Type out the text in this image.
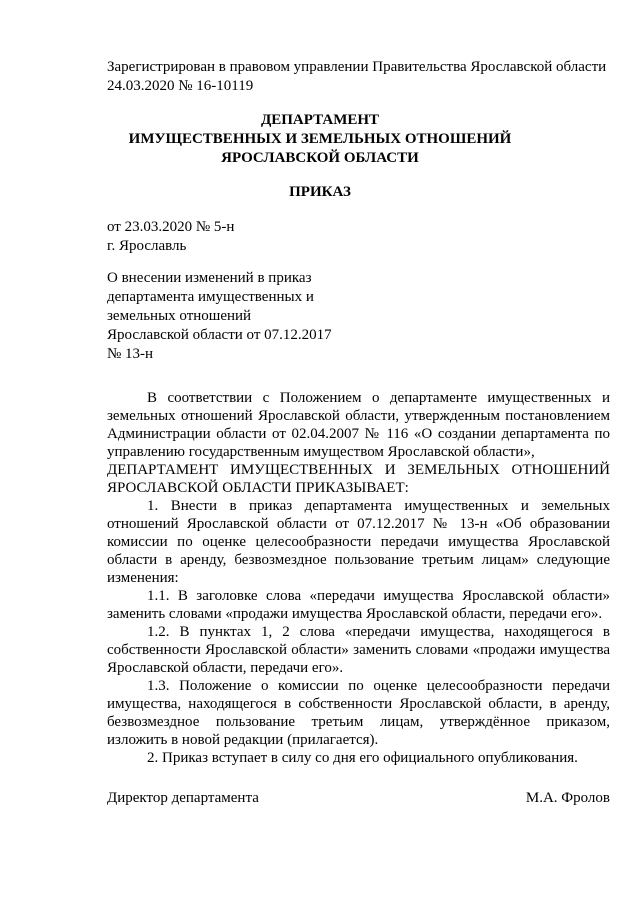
Зарегистрирован в правовом управлении Правительства Ярославской области
24.03.2020 № 16-10119
ДЕПАРТАМЕНТ
ИМУЩЕСТВЕННЫХ И ЗЕМЕЛЬНЫХ ОТНОШЕНИЙ
ЯРОСЛАВСКОЙ ОБЛАСТИ
ПРИКАЗ
от 23.03.2020 № 5-н
г. Ярославль
О внесении изменений в приказ
департамента имущественных и
земельных отношений
Ярославской области от 07.12.2017
№ 13-н

В соответствии с Положением о департаменте имущественных и земельных отношений Ярославской области, утвержденным постановлением Администрации области от 02.04.2007 № 116 «О создании департамента по управлению государственным имуществом Ярославской области»,

ДЕПАРТАМЕНТ ИМУЩЕСТВЕННЫХ И ЗЕМЕЛЬНЫХ ОТНОШЕНИЙ ЯРОСЛАВСКОЙ ОБЛАСТИ ПРИКАЗЫВАЕТ:

1. Внести в приказ департамента имущественных и земельных отношений Ярославской области от 07.12.2017 № 13-н «Об образовании комиссии по оценке целесообразности передачи имущества Ярославской области в аренду, безвозмездное пользование третьим лицам» следующие изменения:

1.1. В заголовке слова «передачи имущества Ярославской области» заменить словами «продажи имущества Ярославской области, передачи его».

1.2. В пунктах 1, 2 слова «передачи имущества, находящегося в собственности Ярославской области» заменить словами «продажи имущества Ярославской области, передачи его».

1.3. Положение о комиссии по оценке целесообразности передачи имущества, находящегося в собственности Ярославской области, в аренду, безвозмездное пользование третьим лицам, утверждённое приказом, изложить в новой редакции (прилагается).

2. Приказ вступает в силу со дня его официального опубликования.

Директор департамента	М.А. Фролов
